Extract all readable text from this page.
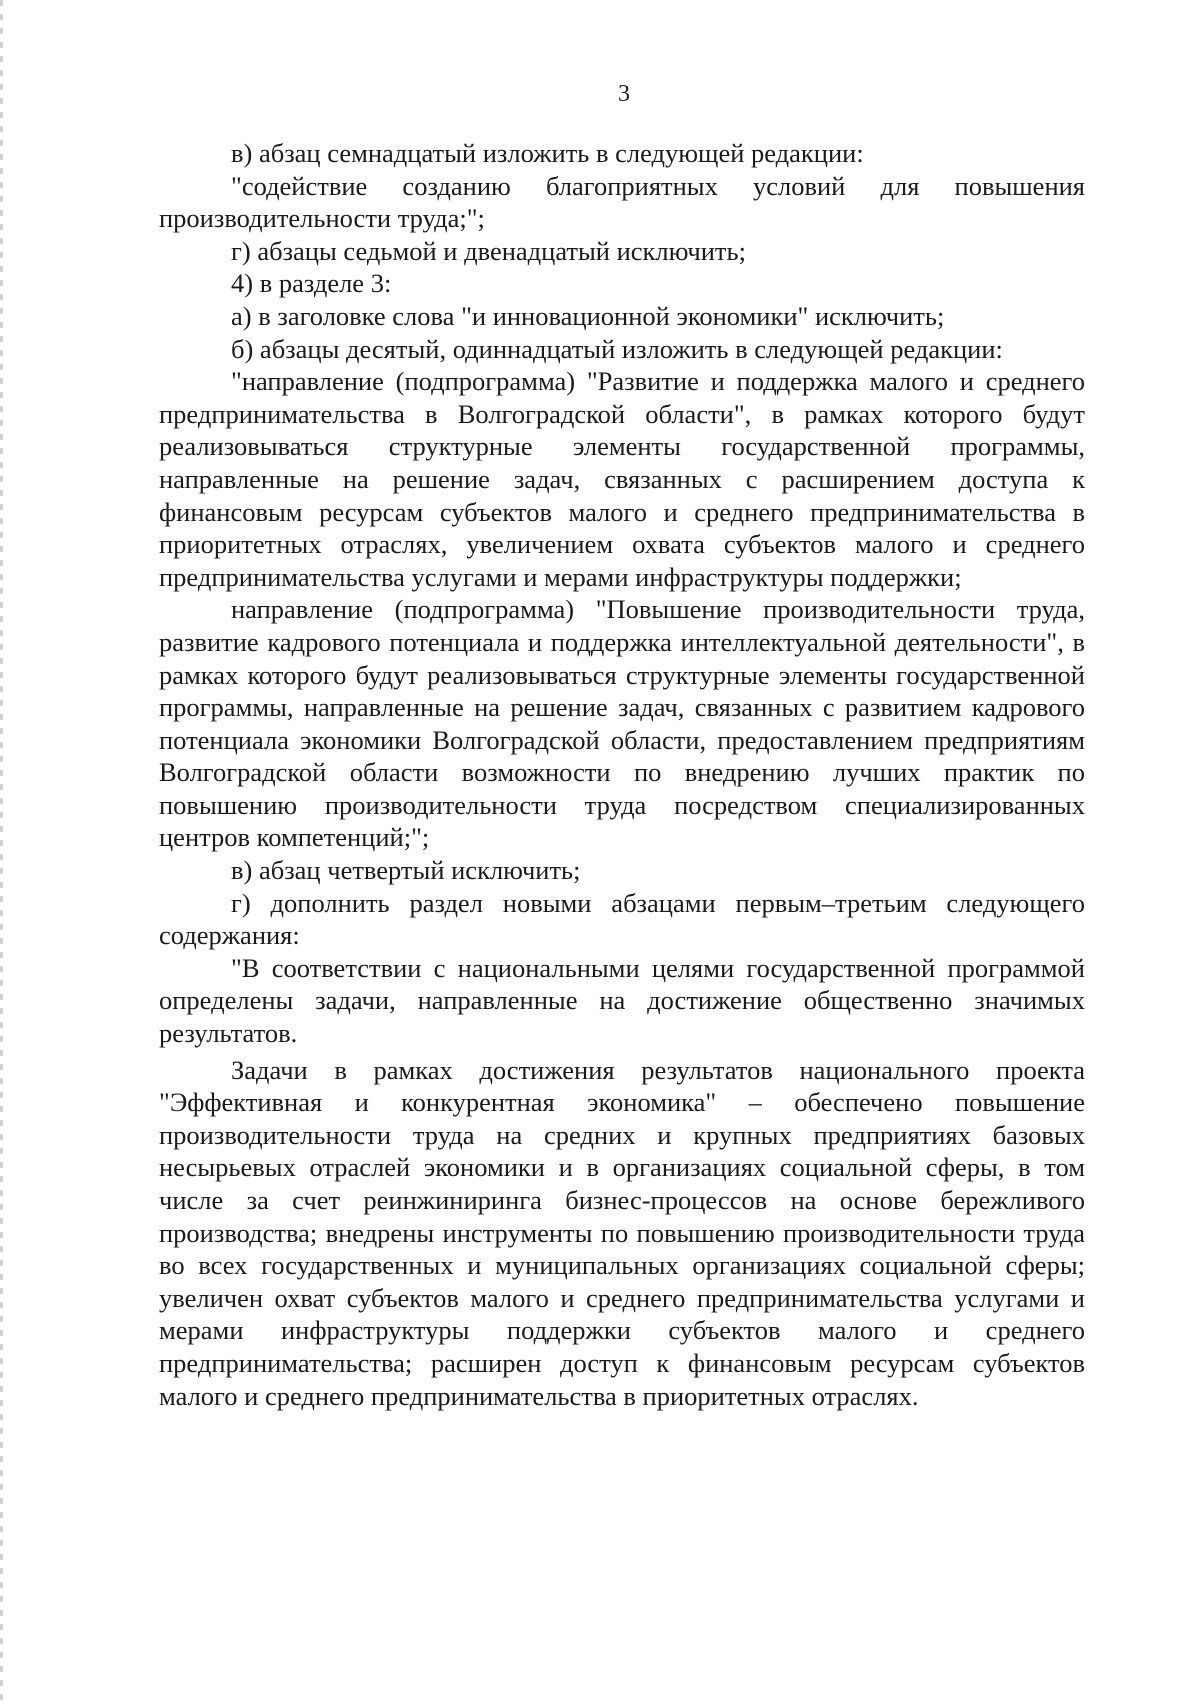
3

в) абзац семнадцатый изложить в следующей редакции:

"содействие созданию благоприятных условий для повышения производительности труда;";

г) абзацы седьмой и двенадцатый исключить;

4) в разделе 3:

а) в заголовке слова "и инновационной экономики" исключить;

б) абзацы десятый, одиннадцатый изложить в следующей редакции:

"направление (подпрограмма) "Развитие и поддержка малого и среднего предпринимательства в Волгоградской области", в рамках которого будут реализовываться структурные элементы государственной программы, направленные на решение задач, связанных с расширением доступа к финансовым ресурсам субъектов малого и среднего предпринимательства в приоритетных отраслях, увеличением охвата субъектов малого и среднего предпринимательства услугами и мерами инфраструктуры поддержки;

направление (подпрограмма) "Повышение производительности труда, развитие кадрового потенциала и поддержка интеллектуальной деятельности", в рамках которого будут реализовываться структурные элементы государственной программы, направленные на решение задач, связанных с развитием кадрового потенциала экономики Волгоградской области, предоставлением предприятиям Волгоградской области возможности по внедрению лучших практик по повышению производительности труда посредством специализированных центров компетенций;";

в) абзац четвертый исключить;

г) дополнить раздел новыми абзацами первым–третьим следующего содержания:

"В соответствии с национальными целями государственной программой определены задачи, направленные на достижение общественно значимых результатов.

Задачи в рамках достижения результатов национального проекта "Эффективная и конкурентная экономика" – обеспечено повышение производительности труда на средних и крупных предприятиях базовых несырьевых отраслей экономики и в организациях социальной сферы, в том числе за счет реинжиниринга бизнес-процессов на основе бережливого производства; внедрены инструменты по повышению производительности труда во всех государственных и муниципальных организациях социальной сферы; увеличен охват субъектов малого и среднего предпринимательства услугами и мерами инфраструктуры поддержки субъектов малого и среднего предпринимательства; расширен доступ к финансовым ресурсам субъектов малого и среднего предпринимательства в приоритетных отраслях.
